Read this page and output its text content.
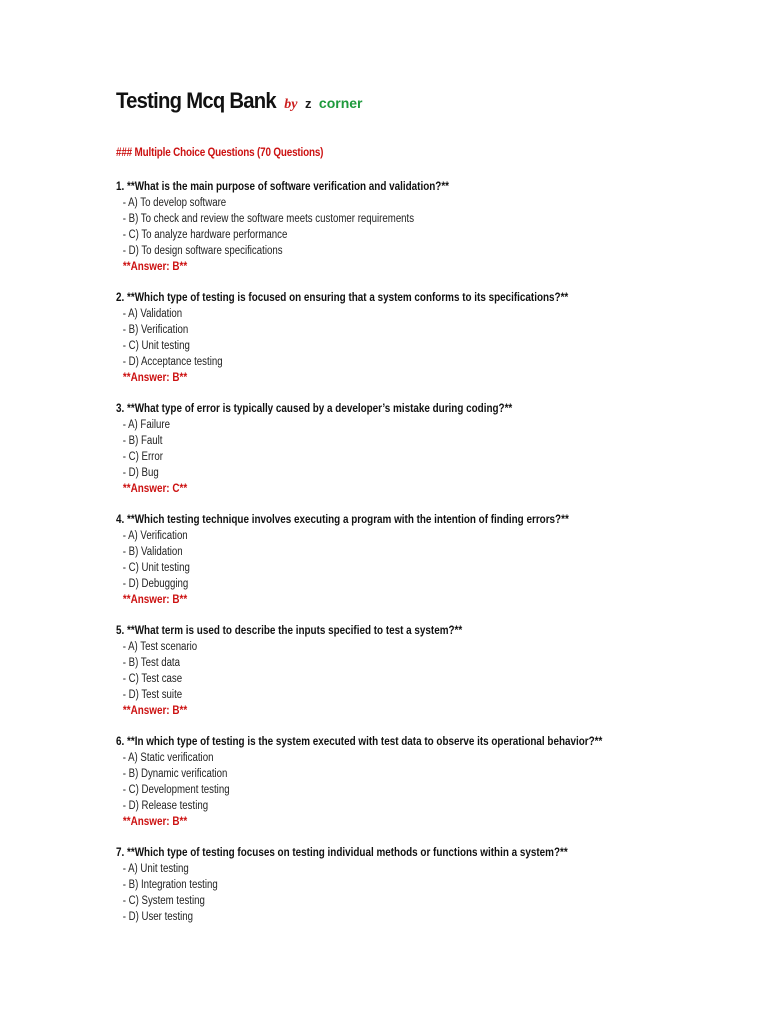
Testing Mcq Bank by z corner
### Multiple Choice Questions (70 Questions)
1. **What is the main purpose of software verification and validation?**
- A) To develop software
- B) To check and review the software meets customer requirements
- C) To analyze hardware performance
- D) To design software specifications
**Answer: B**
2. **Which type of testing is focused on ensuring that a system conforms to its specifications?**
- A) Validation
- B) Verification
- C) Unit testing
- D) Acceptance testing
**Answer: B**
3. **What type of error is typically caused by a developer’s mistake during coding?**
- A) Failure
- B) Fault
- C) Error
- D) Bug
**Answer: C**
4. **Which testing technique involves executing a program with the intention of finding errors?**
- A) Verification
- B) Validation
- C) Unit testing
- D) Debugging
**Answer: B**
5. **What term is used to describe the inputs specified to test a system?**
- A) Test scenario
- B) Test data
- C) Test case
- D) Test suite
**Answer: B**
6. **In which type of testing is the system executed with test data to observe its operational behavior?**
- A) Static verification
- B) Dynamic verification
- C) Development testing
- D) Release testing
**Answer: B**
7. **Which type of testing focuses on testing individual methods or functions within a system?**
- A) Unit testing
- B) Integration testing
- C) System testing
- D) User testing
